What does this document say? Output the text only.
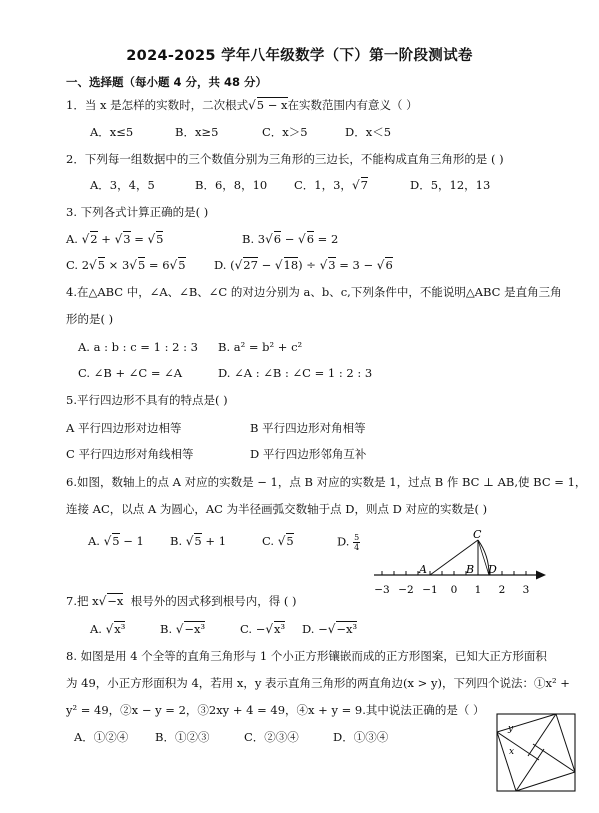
2024-2025 学年八年级数学（下）第一阶段测试卷
一、选择题（每小题 4 分，共 48 分）
1．当 x 是怎样的实数时，二次根式√5 − x在实数范围内有意义（ ）
A．x≤5	B．x≥5	C．x＞5	D．x＜5
2．下列每一组数据中的三个数值分别为三角形的三边长，不能构成直角三角形的是 ( )
A．3，4，5	B．6，8，10 C．1，3，√7	D．5，12，13
3. 下列各式计算正确的是( )
A. √2 + √3 = √5	B. 3√6 − √6 = 2
C. 2√5 × 3√5 = 6√5 D. (√27 − √18) ÷ √3 = 3 − √6
4.在△ABC 中，∠A、∠B、∠C 的对边分别为 a、b、c,下列条件中，不能说明△ABC 是直角三角
形的是( )
A. a : b : c = 1 : 2 : 3 B. a² = b² + c²
C. ∠B + ∠C = ∠A	D. ∠A : ∠B : ∠C = 1 : 2 : 3
5.平行四边形不具有的特点是( )
A 平行四边形对边相等	B 平行四边形对角相等
C 平行四边形对角线相等	D 平行四边形邻角互补
6.如图，数轴上的点 A 对应的实数是 − 1，点 B 对应的实数是 1，过点 B 作 BC ⊥ AB,使 BC = 1，
连接 AC，以点 A 为圆心，AC 为半径画弧交数轴于点 D，则点 D 对应的实数是( )
A. √5 − 1 B. √5 + 1	C. √5	D. $\frac{5}{4}$
−3 −2 −1 0 1 2 3
A	B D
C
7.把 x√−x 根号外的因式移到根号内，得 ( )
A. √x³	B. √−x³	C. −√x³ D. −√−x³
8. 如图是用 4 个全等的直角三角形与 1 个小正方形镶嵌而成的正方形图案，已知大正方形面积
为 49，小正方形面积为 4，若用 x，y 表示直角三角形的两直角边(x > y)，下列四个说法：①x² +
y² = 49，②x − y = 2，③2xy + 4 = 49，④x + y = 9.其中说法正确的是（ ）
A．①②④ B．①②③	C．②③④	D．①③④
y
x
